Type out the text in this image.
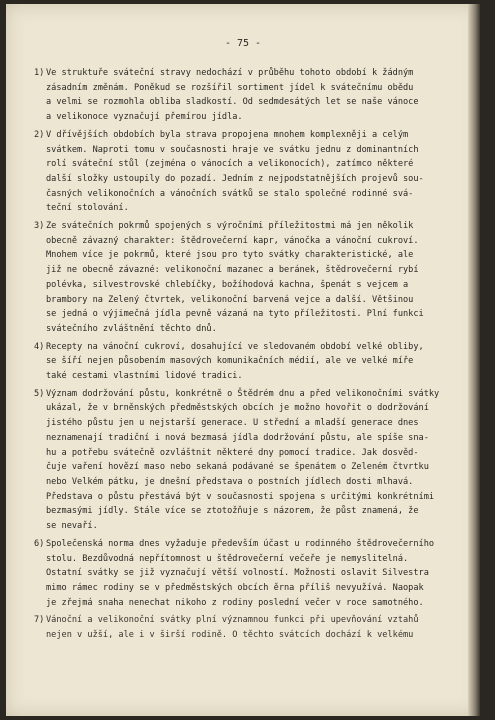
- 75 -
1) Ve struktuře sváteční stravy nedochází v průběhu tohoto období k žádným
zásadním změnám. Poněkud se rozšířil sortiment jídel k svátečnímu obědu
a velmi se rozmohla obliba sladkostí. Od sedmdesátých let se naše vánoce
a velikonoce vyznačují přemírou jídla.
2) V dřívějších obdobích byla strava propojena mnohem komplexněji a celým
svátkem. Naproti tomu v současnosti hraje ve svátku jednu z dominantních
rolí sváteční stůl (zejména o vánocích a velikonocích), zatímco některé
další složky ustoupily do pozadí. Jedním z nejpodstatnějších projevů sou-
časných velikonočních a vánočních svátků se stalo společné rodinné svá-
teční stolování.
3) Ze svátečních pokrmů spojených s výročními příležitostmi má jen několik
obecně závazný charakter: štědrovečerní kapr, vánočka a vánoční cukroví.
Mnohem více je pokrmů, které jsou pro tyto svátky charakteristické, ale
již ne obecně závazné: velikonoční mazanec a beránek, štědrovečerní rybí
polévka, silvestrovské chlebíčky, božíhodová kachna, špenát s vejcem a
brambory na Zelený čtvrtek, velikonoční barvená vejce a další. Většinou
se jedná o výjimečná jídla pevně vázaná na tyto příležitosti. Plní funkci
svátečního zvláštnění těchto dnů.
4) Recepty na vánoční cukroví, dosahující ve sledovaném období velké obliby,
se šíří nejen působením masových komunikačních médií, ale ve velké míře
také cestami vlastními lidové tradici.
5) Význam dodržování půstu, konkrétně o Štědrém dnu a před velikonočními svátky
ukázal, že v brněnských předměstských obcích je možno hovořit o dodržování
jistého půstu jen u nejstarší generace. U střední a mladší generace dnes
neznamenají tradiční i nová bezmasá jídla dodržování půstu, ale spíše sna-
hu a potřebu svátečně ozvláštnit některé dny pomocí tradice. Jak dosvěd-
čuje vaření hovězí maso nebo sekaná podávané se špenátem o Zeleném čtvrtku
nebo Velkém pátku, je dnešní představa o postních jídlech dosti mlhavá.
Představa o půstu přestává být v současnosti spojena s určitými konkrétními
bezmasými jídly. Stále více se ztotožňuje s názorem, že půst znamená, že
se nevaří.
6) Společenská norma dnes vyžaduje především účast u rodinného štědrovečerního
stolu. Bezdůvodná nepřítomnost u štědrovečerní večeře je nemyslitelná.
Ostatní svátky se již vyznačují větší volností. Možnosti oslavit Silvestra
mimo rámec rodiny se v předměstských obcích ěrna příliš nevyužívá. Naopak
je zřejmá snaha nenechat nikoho z rodiny poslední večer v roce samotného.
7) Vánoční a velikonoční svátky plní významnou funkci při upevňování vztahů
nejen v užší, ale i v širší rodině. O těchto svátcích dochází k velkému
